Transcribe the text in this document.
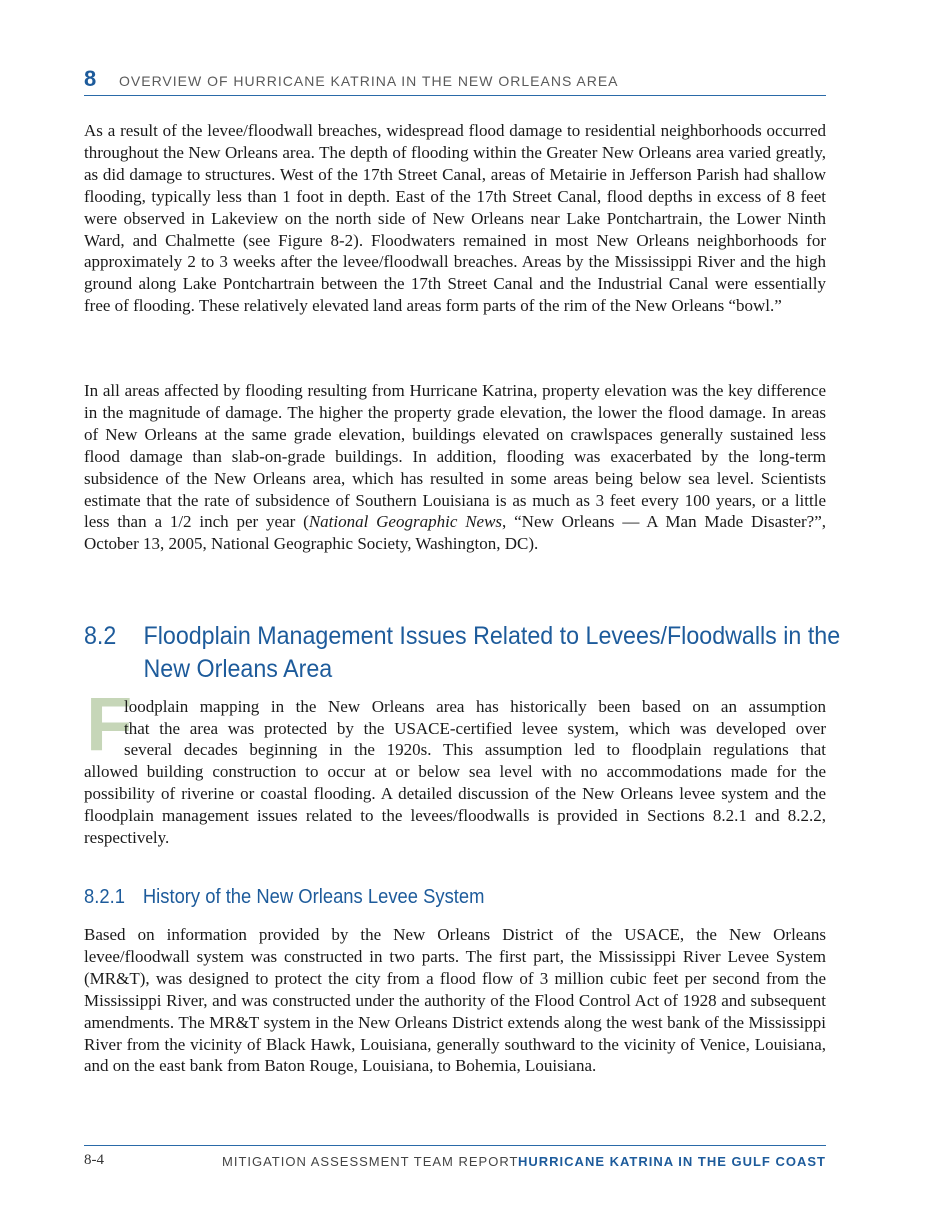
8 OVERVIEW OF HURRICANE KATRINA IN THE NEW ORLEANS AREA

As a result of the levee/floodwall breaches, widespread flood damage to residential neighborhoods occurred throughout the New Orleans area. The depth of flooding within the Greater New Orleans area varied greatly, as did damage to structures. West of the 17th Street Canal, areas of Metairie in Jefferson Parish had shallow flooding, typically less than 1 foot in depth. East of the 17th Street Canal, flood depths in excess of 8 feet were observed in Lakeview on the north side of New Orleans near Lake Pontchartrain, the Lower Ninth Ward, and Chalmette (see Figure 8-2). Floodwaters remained in most New Orleans neighborhoods for approximately 2 to 3 weeks after the levee/floodwall breaches. Areas by the Mississippi River and the high ground along Lake Pontchartrain between the 17th Street Canal and the Industrial Canal were essentially free of flooding. These relatively elevated land areas form parts of the rim of the New Orleans “bowl.”

In all areas affected by flooding resulting from Hurricane Katrina, property elevation was the key difference in the magnitude of damage. The higher the property grade elevation, the lower the flood damage. In areas of New Orleans at the same grade elevation, buildings elevated on crawlspaces generally sustained less flood damage than slab-on-grade buildings. In addition, flooding was exacerbated by the long-term subsidence of the New Orleans area, which has resulted in some areas being below sea level. Scientists estimate that the rate of subsidence of Southern Louisiana is as much as 3 feet every 100 years, or a little less than a 1/2 inch per year (National Geographic News, “New Orleans — A Man Made Disaster?”, October 13, 2005, National Geographic Society, Washington, DC).

8.2 Floodplain Management Issues Related to Levees/Floodwalls in the New Orleans Area
F

loodplain mapping in the New Orleans area has historically been based on an assumption

that the area was protected by the USACE-certified levee system, which was developed over

several decades beginning in the 1920s. This assumption led to floodplain regulations that

allowed building construction to occur at or below sea level with no accommodations made for the possibility of riverine or coastal flooding. A detailed discussion of the New Orleans levee system and the floodplain management issues related to the levees/floodwalls is provided in Sections 8.2.1 and 8.2.2, respectively.

8.2.1 History of the New Orleans Levee System

Based on information provided by the New Orleans District of the USACE, the New Orleans levee/floodwall system was constructed in two parts. The first part, the Mississippi River Levee System (MR&T), was designed to protect the city from a flood flow of 3 million cubic feet per second from the Mississippi River, and was constructed under the authority of the Flood Control Act of 1928 and subsequent amendments. The MR&T system in the New Orleans District extends along the west bank of the Mississippi River from the vicinity of Black Hawk, Louisiana, generally southward to the vicinity of Venice, Louisiana, and on the east bank from Baton Rouge, Louisiana, to Bohemia, Louisiana.

8-4	MITIGATION ASSESSMENT TEAM REPORT HURRICANE KATRINA IN THE GULF COAST
